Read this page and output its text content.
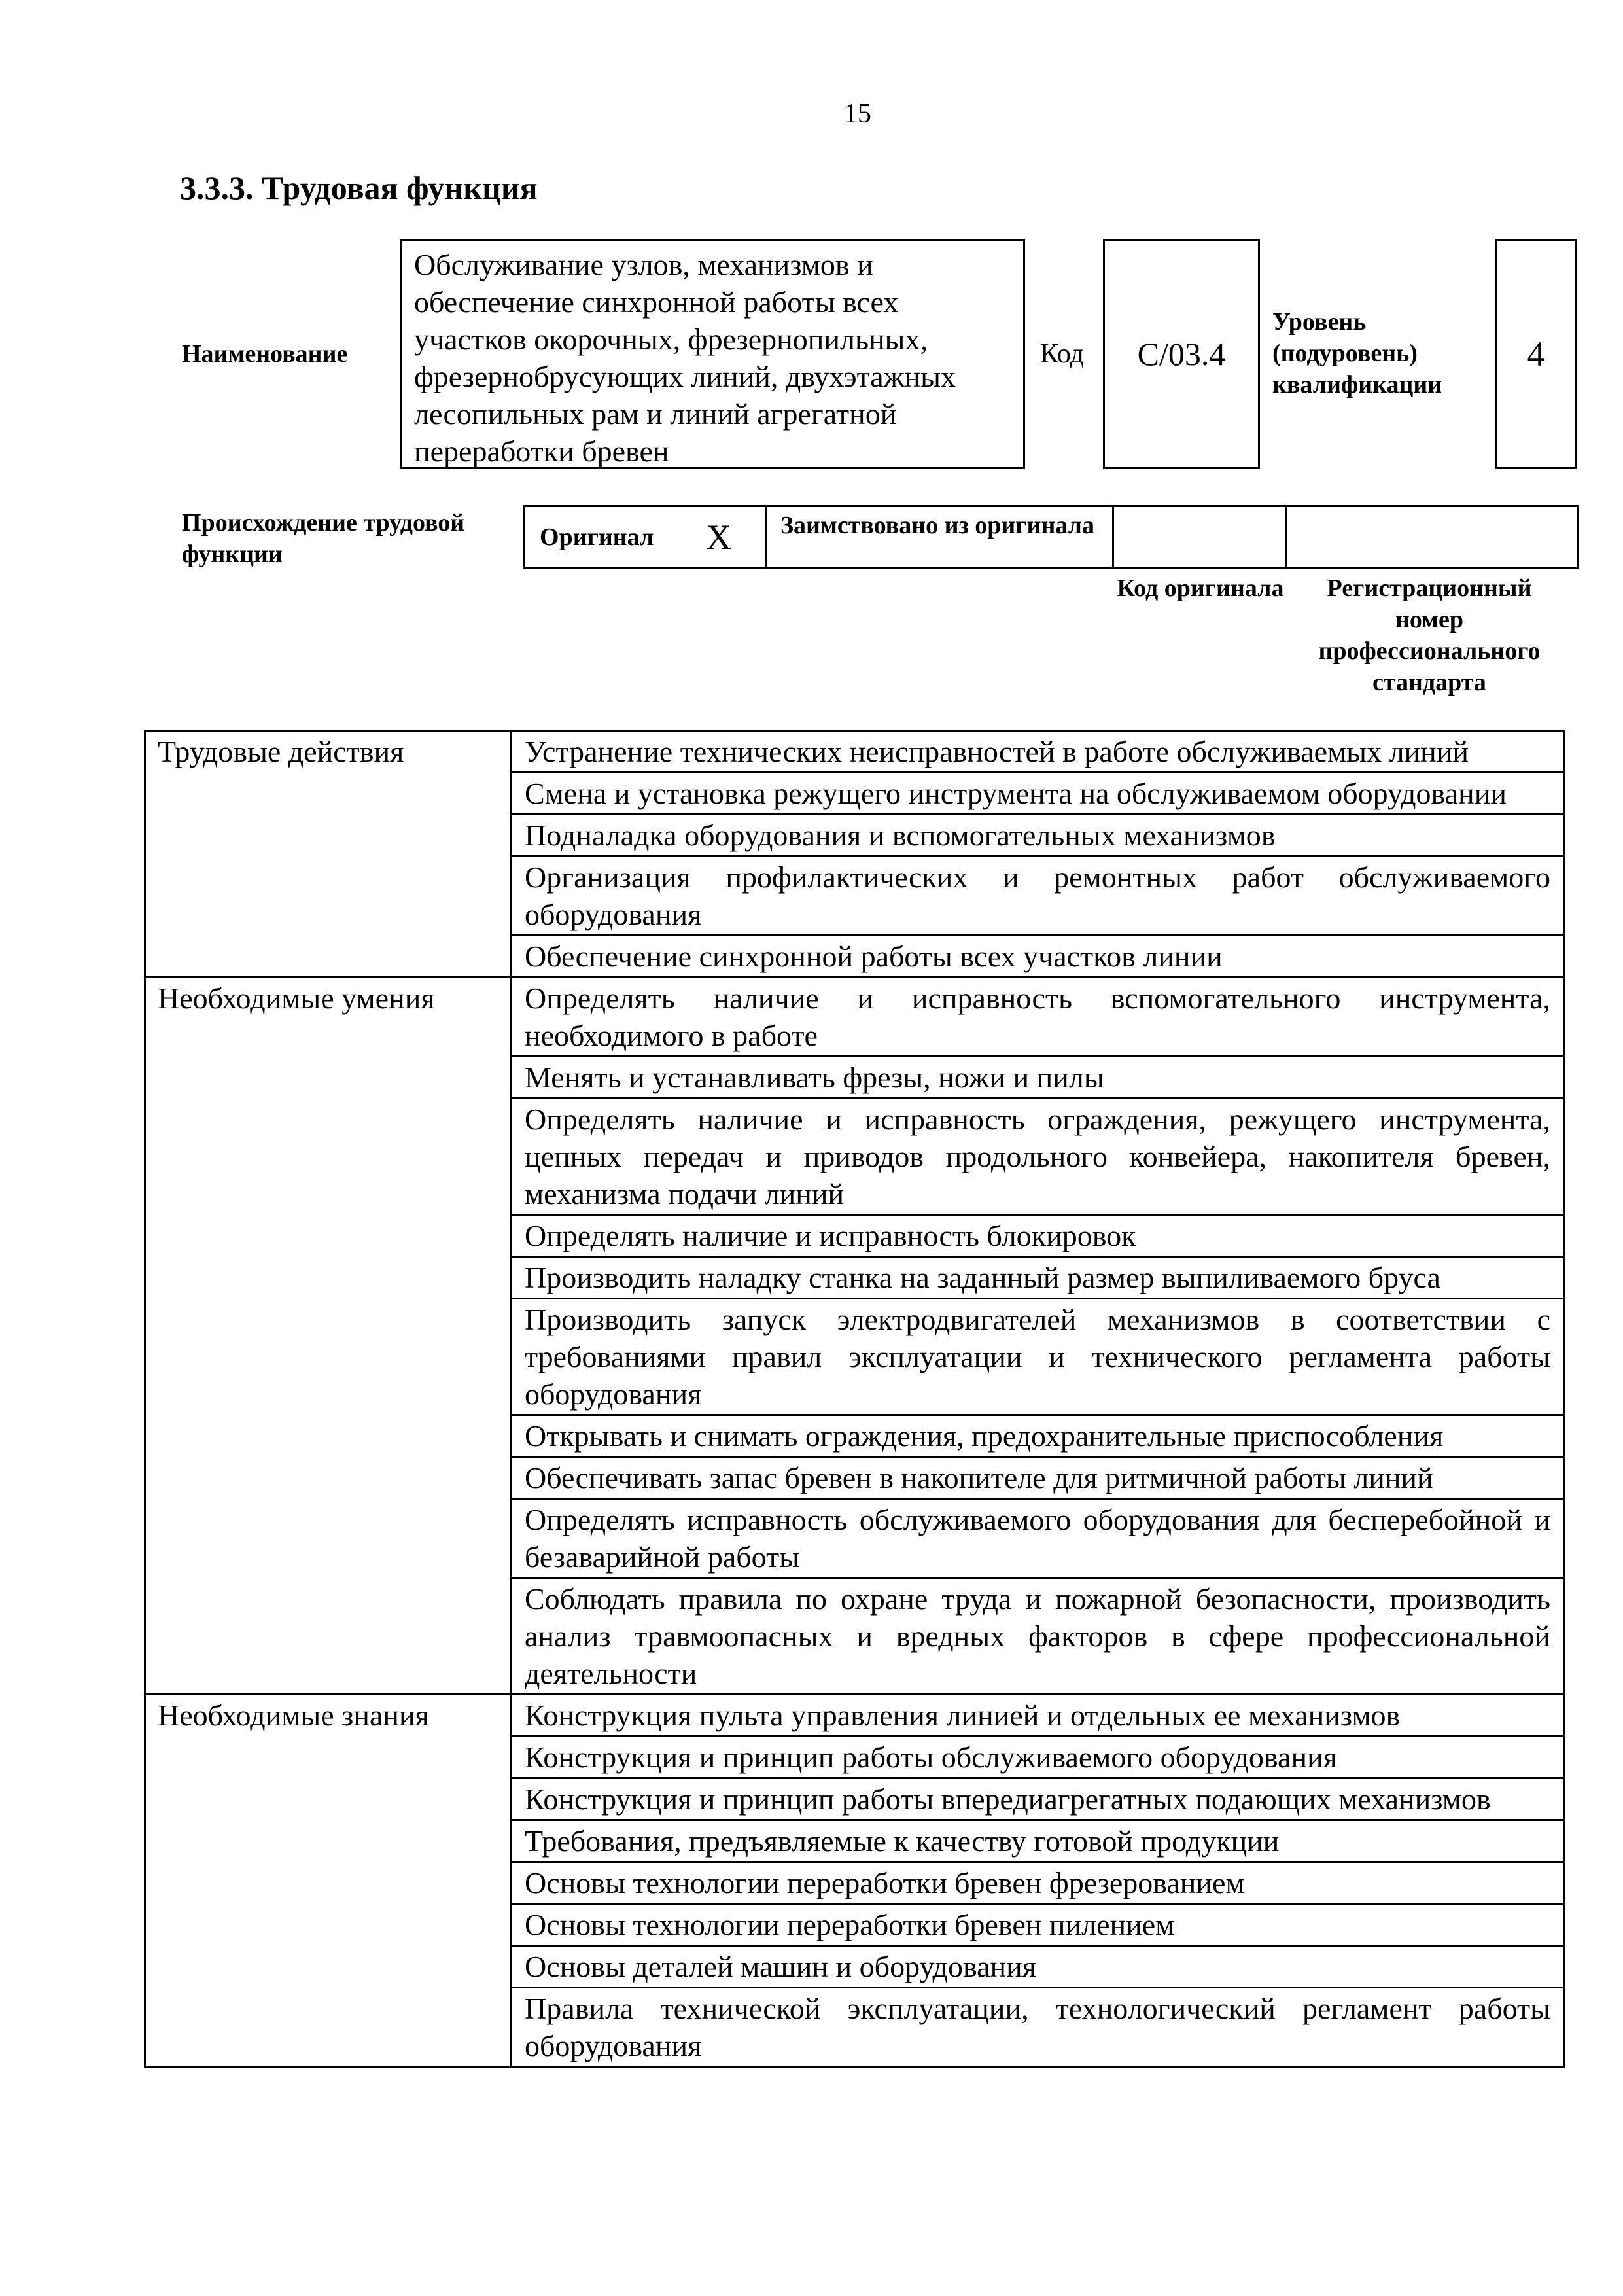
15
3.3.3. Трудовая функция
Наименование
Обслуживание узлов, механизмов и обеспечение синхронной работы всех участков окорочных, фрезернопильных, фрезернобрусующих линий, двухэтажных лесопильных рам и линий агрегатной переработки бревен
Код C/03.4
Уровень (подуровень) квалификации
4
Происхождение трудовой функции
Оригинал X	Заимствовано из оригинала
Код оригинала	Регистрационный номер профессионального стандарта
Трудовые действия	Устранение технических неисправностей в работе обслуживаемых линий
	Смена и установка режущего инструмента на обслуживаемом оборудовании
	Подналадка оборудования и вспомогательных механизмов
	Организация профилактических и ремонтных работ обслуживаемого оборудования
	Обеспечение синхронной работы всех участков линии
Необходимые умения	Определять наличие и исправность вспомогательного инструмента, необходимого в работе
	Менять и устанавливать фрезы, ножи и пилы
	Определять наличие и исправность ограждения, режущего инструмента, цепных передач и приводов продольного конвейера, накопителя бревен, механизма подачи линий
	Определять наличие и исправность блокировок
	Производить наладку станка на заданный размер выпиливаемого бруса
	Производить запуск электродвигателей механизмов в соответствии с требованиями правил эксплуатации и технического регламента работы оборудования
	Открывать и снимать ограждения, предохранительные приспособления
	Обеспечивать запас бревен в накопителе для ритмичной работы линий
	Определять исправность обслуживаемого оборудования для бесперебойной и безаварийной работы
	Соблюдать правила по охране труда и пожарной безопасности, производить анализ травмоопасных и вредных факторов в сфере профессиональной деятельности
Необходимые знания	Конструкция пульта управления линией и отдельных ее механизмов
	Конструкция и принцип работы обслуживаемого оборудования
	Конструкция и принцип работы впередиагрегатных подающих механизмов
	Требования, предъявляемые к качеству готовой продукции
	Основы технологии переработки бревен фрезерованием
	Основы технологии переработки бревен пилением
	Основы деталей машин и оборудования
	Правила технической эксплуатации, технологический регламент работы оборудования
